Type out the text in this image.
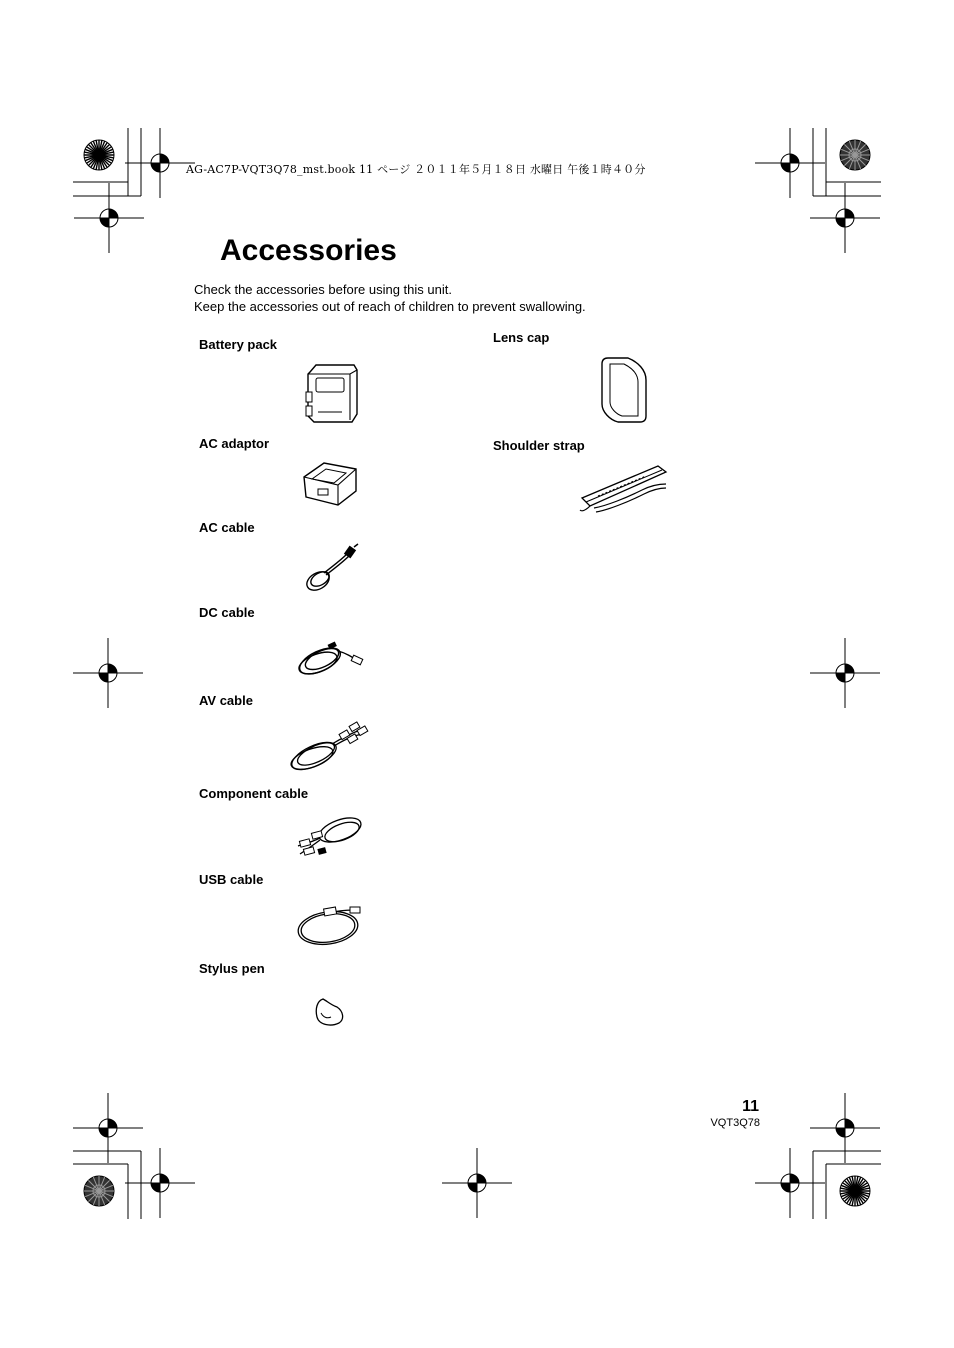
AG-AC7P-VQT3Q78_mst.book 11 ページ ２０１１年５月１８日 水曜日 午後１時４０分
Accessories
Check the accessories before using this unit.
Keep the accessories out of reach of children to prevent swallowing.
Battery pack
AC adaptor
AC cable
DC cable
AV cable
Component cable
USB cable
Stylus pen
Lens cap
Shoulder strap
11
VQT3Q78
